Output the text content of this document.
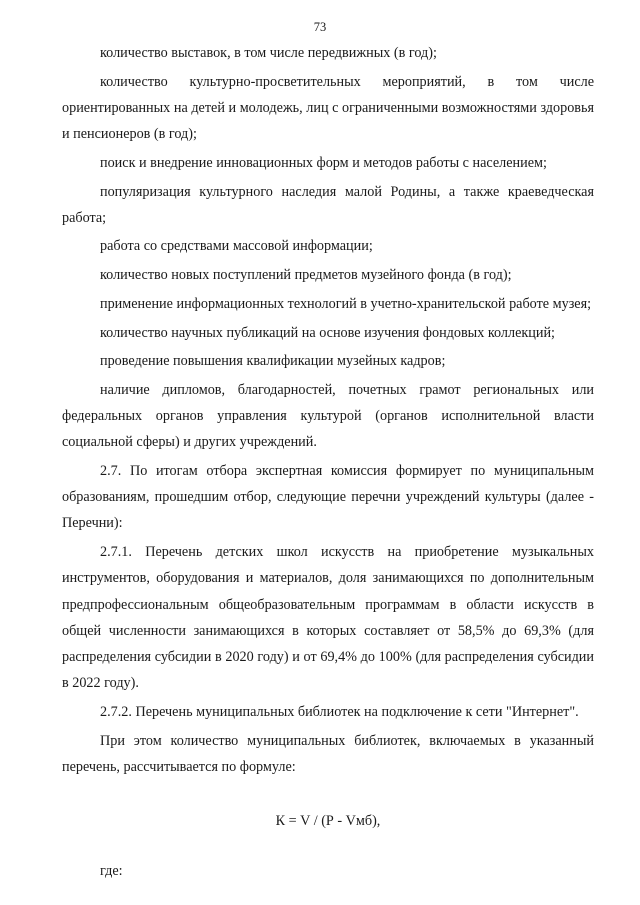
73

количество выставок, в том числе передвижных (в год);

количество культурно-просветительных мероприятий, в том числе ориентированных на детей и молодежь, лиц с ограниченными возможностями здоровья и пенсионеров (в год);

поиск и внедрение инновационных форм и методов работы с населением;

популяризация культурного наследия малой Родины, а также краеведческая работа;

работа со средствами массовой информации;

количество новых поступлений предметов музейного фонда (в год);

применение информационных технологий в учетно-хранительской работе музея;

количество научных публикаций на основе изучения фондовых коллекций;

проведение повышения квалификации музейных кадров;

наличие дипломов, благодарностей, почетных грамот региональных или федеральных органов управления культурой (органов исполнительной власти социальной сферы) и других учреждений.

2.7. По итогам отбора экспертная комиссия формирует по муниципальным образованиям, прошедшим отбор, следующие перечни учреждений культуры (далее - Перечни):

2.7.1. Перечень детских школ искусств на приобретение музыкальных инструментов, оборудования и материалов, доля занимающихся по дополнительным предпрофессиональным общеобразовательным программам в области искусств в общей численности занимающихся в которых составляет от 58,5% до 69,3% (для распределения субсидии в 2020 году) и от 69,4% до 100% (для распределения субсидии в 2022 году).

2.7.2. Перечень муниципальных библиотек на подключение к сети "Интернет".

При этом количество муниципальных библиотек, включаемых в указанный перечень, рассчитывается по формуле:

К = V / (Р - Vмб),

где:
